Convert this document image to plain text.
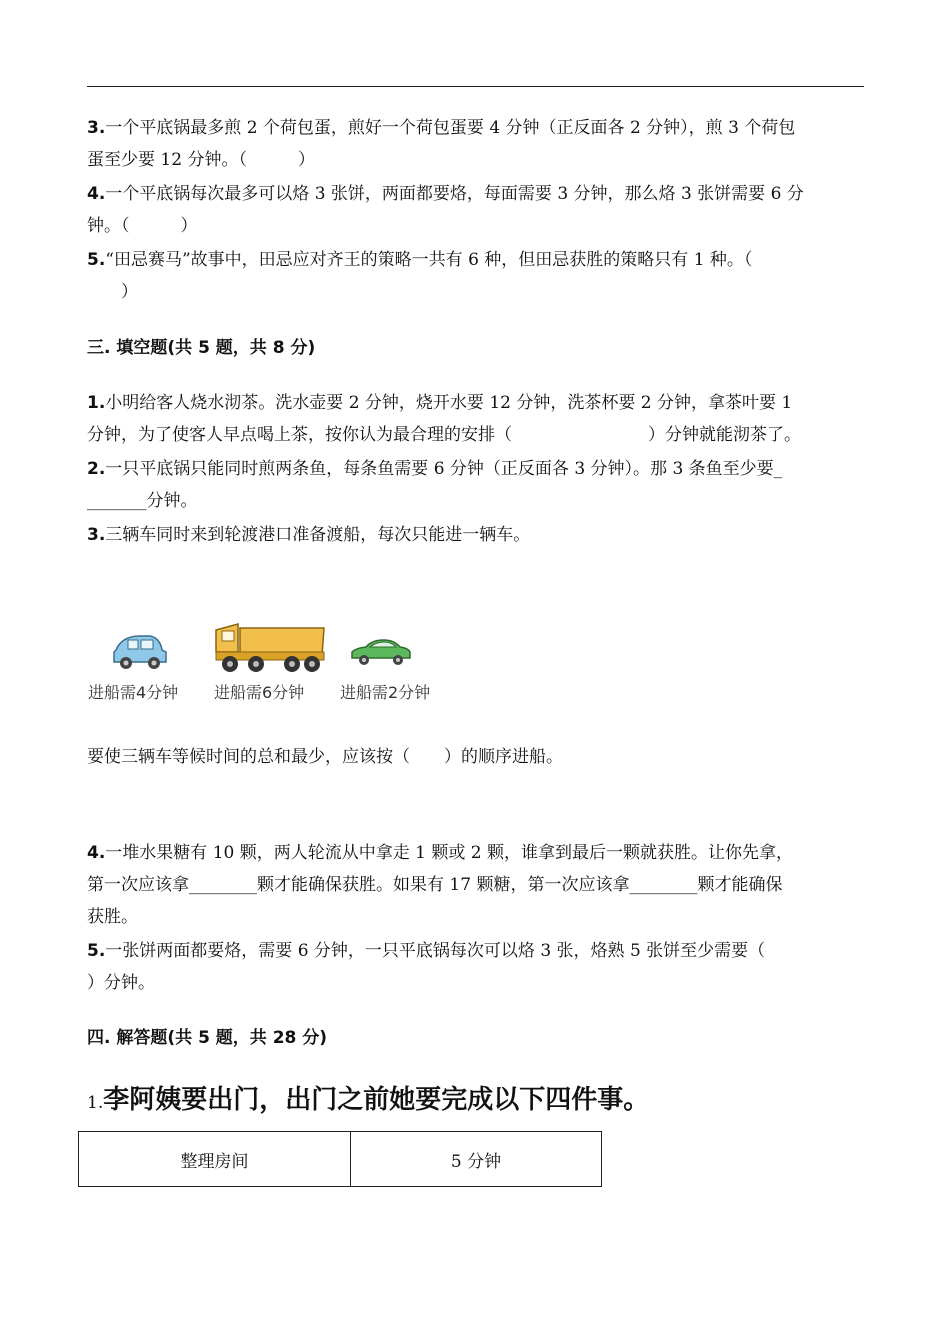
3.一个平底锅最多煎 2 个荷包蛋，煎好一个荷包蛋要 4 分钟（正反面各 2 分钟），煎 3 个荷包
蛋至少要 12 分钟。（　　　）
4.一个平底锅每次最多可以烙 3 张饼，两面都要烙，每面需要 3 分钟，那么烙 3 张饼需要 6 分
钟。（　　　）
5.“田忌赛马”故事中，田忌应对齐王的策略一共有 6 种，但田忌获胜的策略只有 1 种。（
　　）
三. 填空题(共 5 题，共 8 分)
1.小明给客人烧水沏茶。洗水壶要 2 分钟，烧开水要 12 分钟，洗茶杯要 2 分钟，拿茶叶要 1
分钟，为了使客人早点喝上茶，按你认为最合理的安排（　　　　　　　　）分钟就能沏茶了。
2.一只平底锅只能同时煎两条鱼，每条鱼需要 6 分钟（正反面各 3 分钟）。那 3 条鱼至少要_
_______分钟。
3.三辆车同时来到轮渡港口准备渡船，每次只能进一辆车。
进船需4分钟 进船需6分钟 进船需2分钟
要使三辆车等候时间的总和最少，应该按（　　）的顺序进船。
4.一堆水果糖有 10 颗，两人轮流从中拿走 1 颗或 2 颗，谁拿到最后一颗就获胜。让你先拿，
第一次应该拿________颗才能确保获胜。如果有 17 颗糖，第一次应该拿________颗才能确保
获胜。
5.一张饼两面都要烙，需要 6 分钟，一只平底锅每次可以烙 3 张，烙熟 5 张饼至少需要（
）分钟。
四. 解答题(共 5 题，共 28 分)
1.李阿姨要出门，出门之前她要完成以下四件事。
整理房间	5 分钟
